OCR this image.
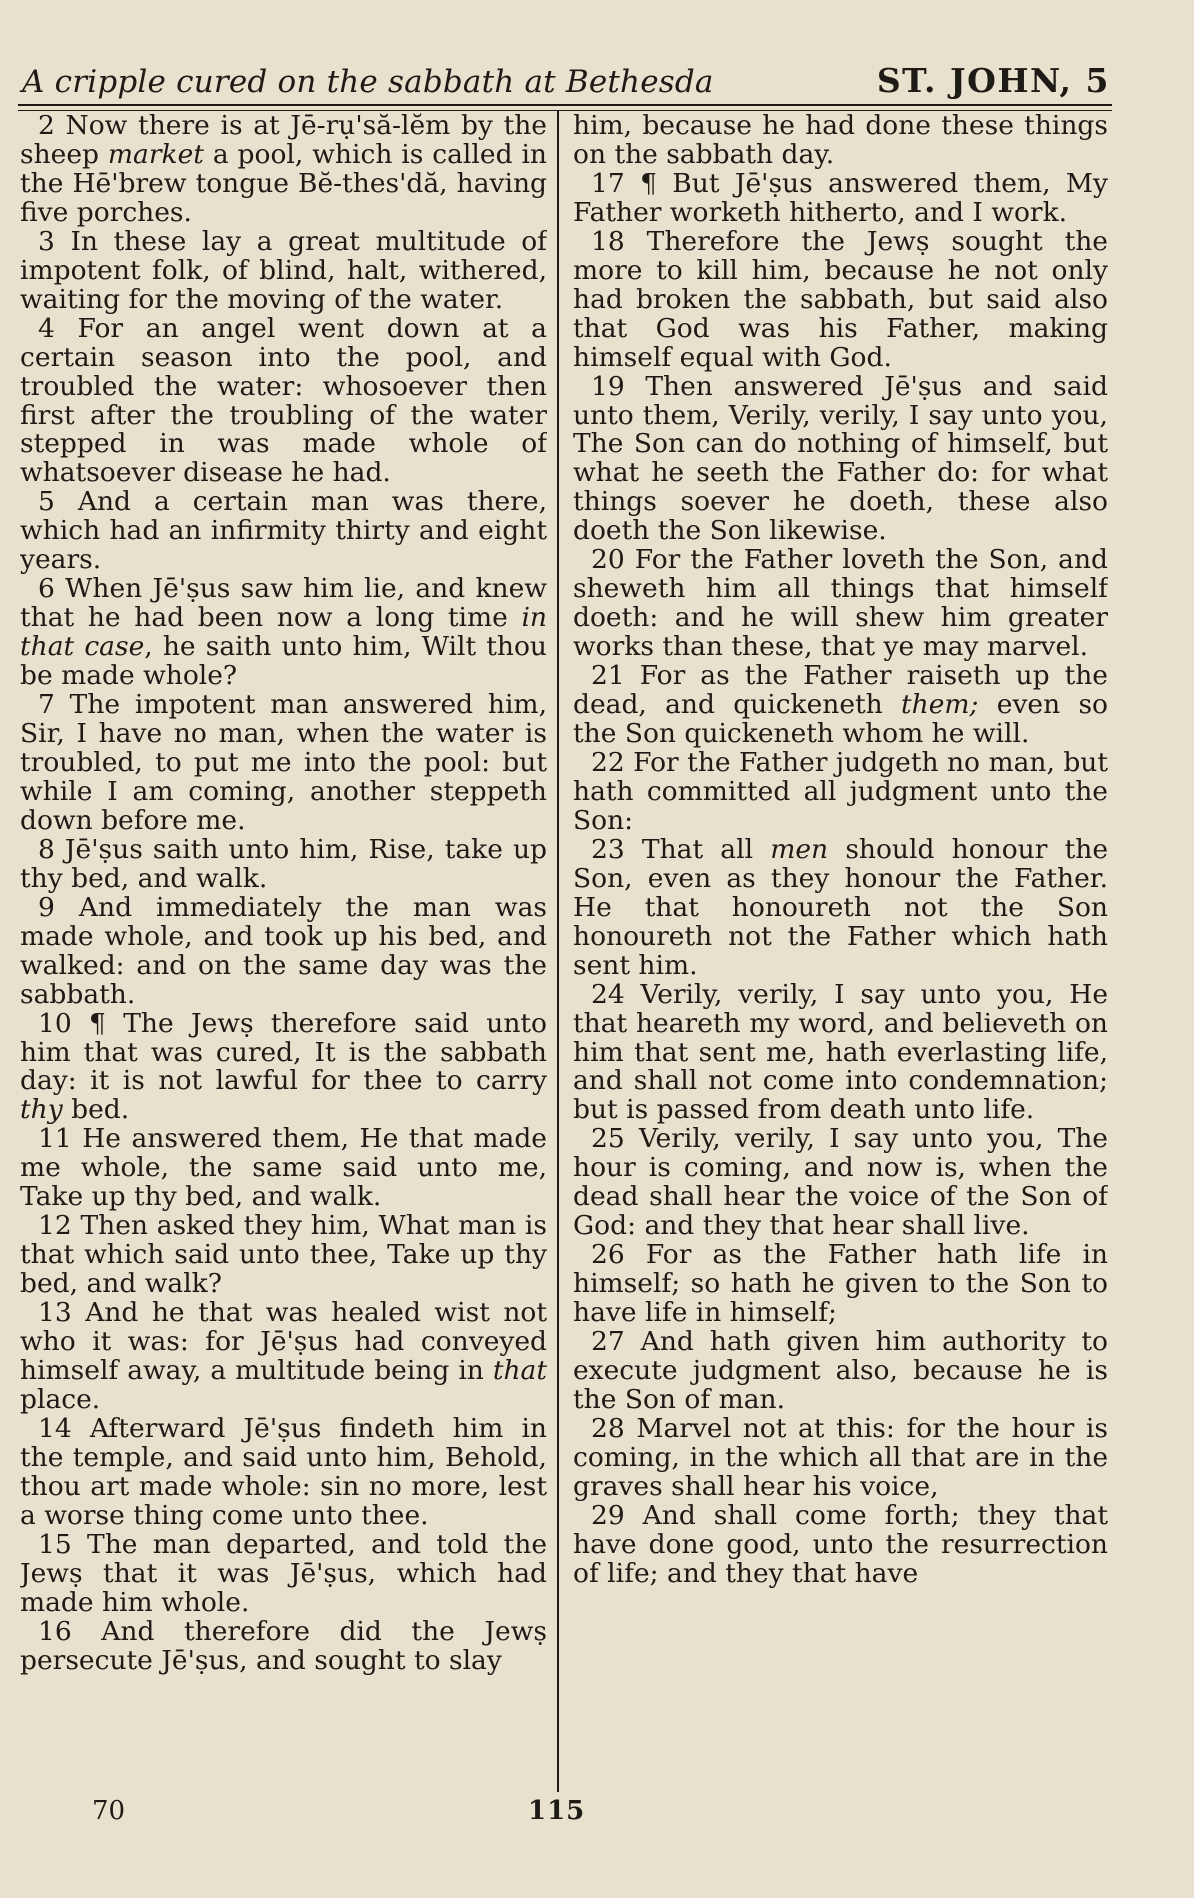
A cripple cured on the sabbath at Bethesda	ST. JOHN, 5

2 Now there is at Jē-rụ'să-lĕm by the sheep market a pool, which is called in the Hē'brew tongue Bĕ-thes'dă, having five porches.

3 In these lay a great multitude of impotent folk, of blind, halt, withered, waiting for the moving of the water.

4 For an angel went down at a certain season into the pool, and troubled the water: whosoever then first after the troubling of the water stepped in was made whole of whatsoever disease he had.

5 And a certain man was there, which had an infirmity thirty and eight years.

6 When Jē'ṣus saw him lie, and knew that he had been now a long time in that case, he saith unto him, Wilt thou be made whole?

7 The impotent man answered him, Sir, I have no man, when the water is troubled, to put me into the pool: but while I am coming, another steppeth down before me.

8 Jē'ṣus saith unto him, Rise, take up thy bed, and walk.

9 And immediately the man was made whole, and took up his bed, and walked: and on the same day was the sabbath.

10 ¶ The Jewṣ therefore said unto him that was cured, It is the sabbath day: it is not lawful for thee to carry thy bed.

11 He answered them, He that made me whole, the same said unto me, Take up thy bed, and walk.

12 Then asked they him, What man is that which said unto thee, Take up thy bed, and walk?

13 And he that was healed wist not who it was: for Jē'ṣus had conveyed himself away, a multitude being in that place.

14 Afterward Jē'ṣus findeth him in the temple, and said unto him, Behold, thou art made whole: sin no more, lest a worse thing come unto thee.

15 The man departed, and told the Jewṣ that it was Jē'ṣus, which had made him whole.

16 And therefore did the Jewṣ persecute Jē'ṣus, and sought to slay

him, because he had done these things on the sabbath day.

17 ¶ But Jē'ṣus answered them, My Father worketh hitherto, and I work.

18 Therefore the Jewṣ sought the more to kill him, because he not only had broken the sabbath, but said also that God was his Father, making himself equal with God.

19 Then answered Jē'ṣus and said unto them, Verily, verily, I say unto you, The Son can do nothing of himself, but what he seeth the Father do: for what things soever he doeth, these also doeth the Son likewise.

20 For the Father loveth the Son, and sheweth him all things that himself doeth: and he will shew him greater works than these, that ye may marvel.

21 For as the Father raiseth up the dead, and quickeneth them; even so the Son quickeneth whom he will.

22 For the Father judgeth no man, but hath committed all judgment unto the Son:

23 That all men should honour the Son, even as they honour the Father. He that honoureth not the Son honoureth not the Father which hath sent him.

24 Verily, verily, I say unto you, He that heareth my word, and believeth on him that sent me, hath everlasting life, and shall not come into condemnation; but is passed from death unto life.

25 Verily, verily, I say unto you, The hour is coming, and now is, when the dead shall hear the voice of the Son of God: and they that hear shall live.

26 For as the Father hath life in himself; so hath he given to the Son to have life in himself;

27 And hath given him authority to execute judgment also, because he is the Son of man.

28 Marvel not at this: for the hour is coming, in the which all that are in the graves shall hear his voice,

29 And shall come forth; they that have done good, unto the resurrection of life; and they that have

70	115
